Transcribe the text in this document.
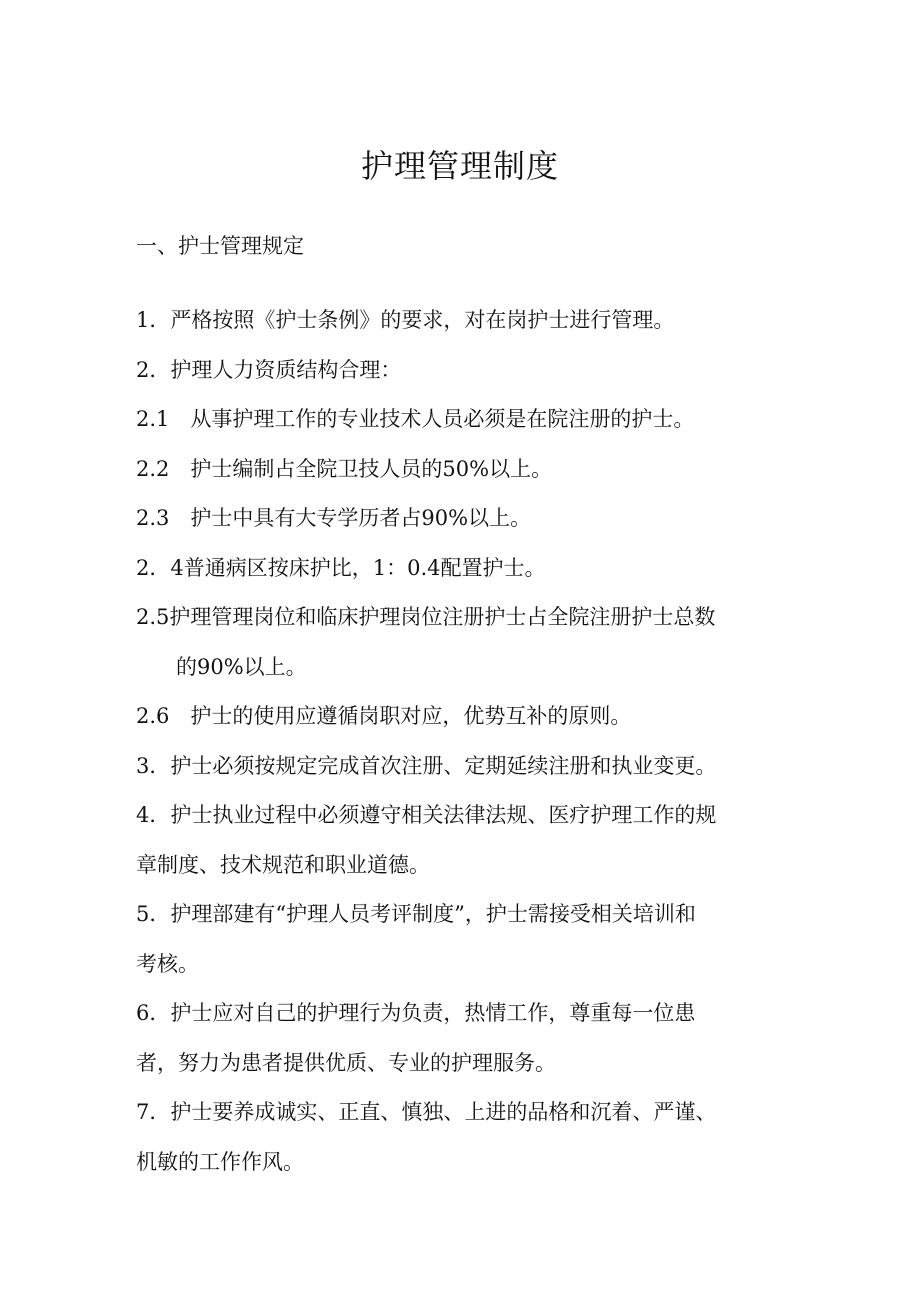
护理管理制度
一、护士管理规定

1．严格按照《护士条例》的要求，对在岗护士进行管理。

2．护理人力资质结构合理：

2.1　从事护理工作的专业技术人员必须是在院注册的护士。

2.2　护士编制占全院卫技人员的50%以上。

2.3　护士中具有大专学历者占90%以上。

2．4普通病区按床护比，1：0.4配置护士。

2.5护理管理岗位和临床护理岗位注册护士占全院注册护士总数
的90%以上。

2.6　护士的使用应遵循岗职对应，优势互补的原则。

3．护士必须按规定完成首次注册、定期延续注册和执业变更。

4．护士执业过程中必须遵守相关法律法规、医疗护理工作的规
章制度、技术规范和职业道德。

5．护理部建有“护理人员考评制度”，护士需接受相关培训和
考核。

6．护士应对自己的护理行为负责，热情工作，尊重每一位患
者，努力为患者提供优质、专业的护理服务。

7．护士要养成诚实、正直、慎独、上进的品格和沉着、严谨、
机敏的工作作风。
